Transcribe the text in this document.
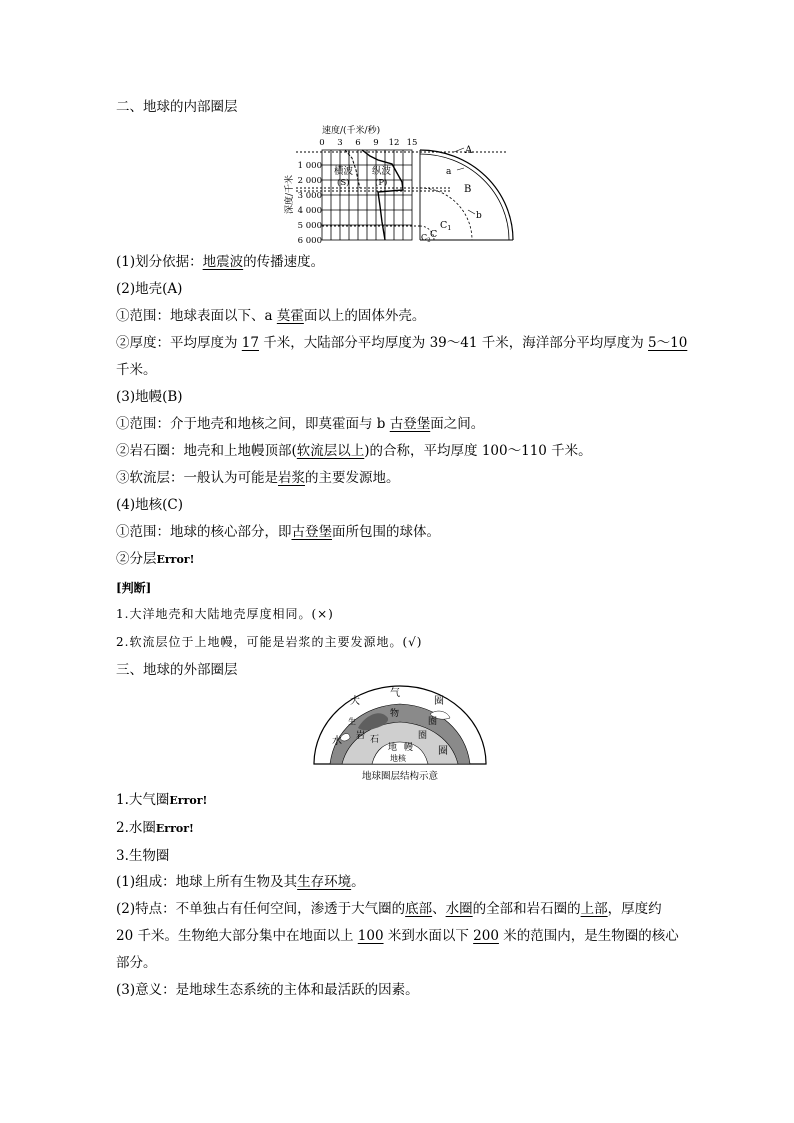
二、地球的内部圈层
速度/(千米/秒)
0 3 6 9 12 15
横波
(S)
纵波
(P)
深度/千米
1 000
2 000
3 000
4 000
5 000
6 000
A
a
B
b
$C_1$
C
C2
(1)划分依据：地震波的传播速度。
(2)地壳(A)
①范围：地球表面以下、a 莫霍面以上的固体外壳。
②厚度：平均厚度为 17 千米，大陆部分平均厚度为 39～41 千米，海洋部分平均厚度为 5～10
千米。
(3)地幔(B)
①范围：介于地壳和地核之间，即莫霍面与 b 古登堡面之间。
②岩石圈：地壳和上地幔顶部(软流层以上)的合称，平均厚度 100～110 千米。
③软流层：一般认为可能是岩浆的主要发源地。
(4)地核(C)
①范围：地球的核心部分，即古登堡面所包围的球体。
②分层Error!
[判断]
1.大洋地壳和大陆地壳厚度相同。(×)
2.软流层位于上地幔，可能是岩浆的主要发源地。(√)
三、地球的外部圈层
大
气
圈
生
物
圈
水
圈
岩 石	圈
地 幔
地核
地球圈层结构示意
1.大气圈Error!
2.水圈Error!
3.生物圈
(1)组成：地球上所有生物及其生存环境。
(2)特点：不单独占有任何空间，渗透于大气圈的底部、水圈的全部和岩石圈的上部，厚度约
20 千米。生物绝大部分集中在地面以上 100 米到水面以下 200 米的范围内，是生物圈的核心
部分。
(3)意义：是地球生态系统的主体和最活跃的因素。
